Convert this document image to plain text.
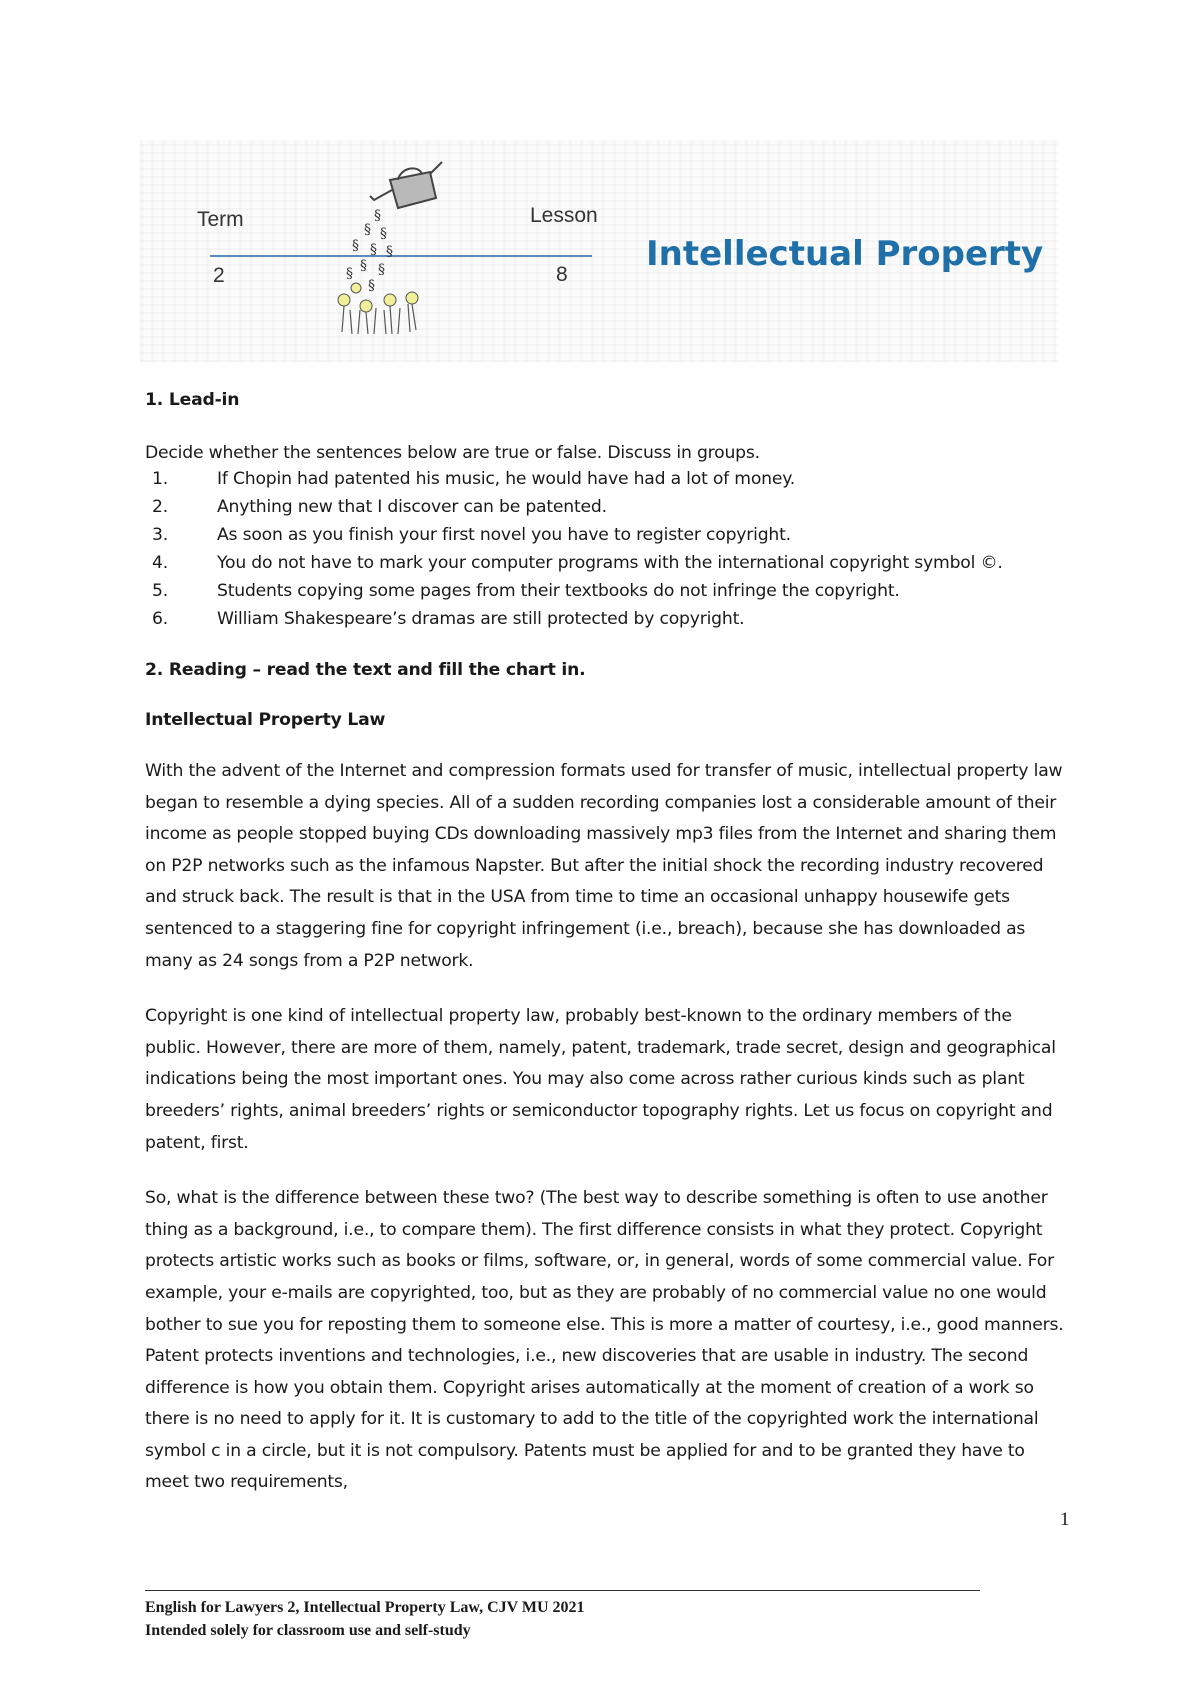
Term
2
Lesson
8
§
§ §
§ § §
§ §
§
§
Intellectual Property

1. Lead-in

Decide whether the sentences below are true or false. Discuss in groups.

1.	If Chopin had patented his music, he would have had a lot of money.
2.	Anything new that I discover can be patented.
3.	As soon as you finish your first novel you have to register copyright.
4.	You do not have to mark your computer programs with the international copyright symbol ©.
5.	Students copying some pages from their textbooks do not infringe the copyright.
6.	William Shakespeare’s dramas are still protected by copyright.

2. Reading – read the text and fill the chart in.

Intellectual Property Law

With the advent of the Internet and compression formats used for transfer of music, intellectual property law began to resemble a dying species. All of a sudden recording companies lost a considerable amount of their income as people stopped buying CDs downloading massively mp3 files from the Internet and sharing them on P2P networks such as the infamous Napster. But after the initial shock the recording industry recovered and struck back. The result is that in the USA from time to time an occasional unhappy housewife gets sentenced to a staggering fine for copyright infringement (i.e., breach), because she has downloaded as many as 24 songs from a P2P network.

Copyright is one kind of intellectual property law, probably best-known to the ordinary members of the public. However, there are more of them, namely, patent, trademark, trade secret, design and geographical indications being the most important ones. You may also come across rather curious kinds such as plant breeders’ rights, animal breeders’ rights or semiconductor topography rights. Let us focus on copyright and patent, first.

So, what is the difference between these two? (The best way to describe something is often to use another thing as a background, i.e., to compare them). The first difference consists in what they protect. Copyright protects artistic works such as books or films, software, or, in general, words of some commercial value. For example, your e-mails are copyrighted, too, but as they are probably of no commercial value no one would bother to sue you for reposting them to someone else. This is more a matter of courtesy, i.e., good manners. Patent protects inventions and technologies, i.e., new discoveries that are usable in industry. The second difference is how you obtain them. Copyright arises automatically at the moment of creation of a work so there is no need to apply for it. It is customary to add to the title of the copyrighted work the international symbol c in a circle, but it is not compulsory. Patents must be applied for and to be granted they have to meet two requirements,

1
English for Lawyers 2, Intellectual Property Law, CJV MU 2021
Intended solely for classroom use and self-study
